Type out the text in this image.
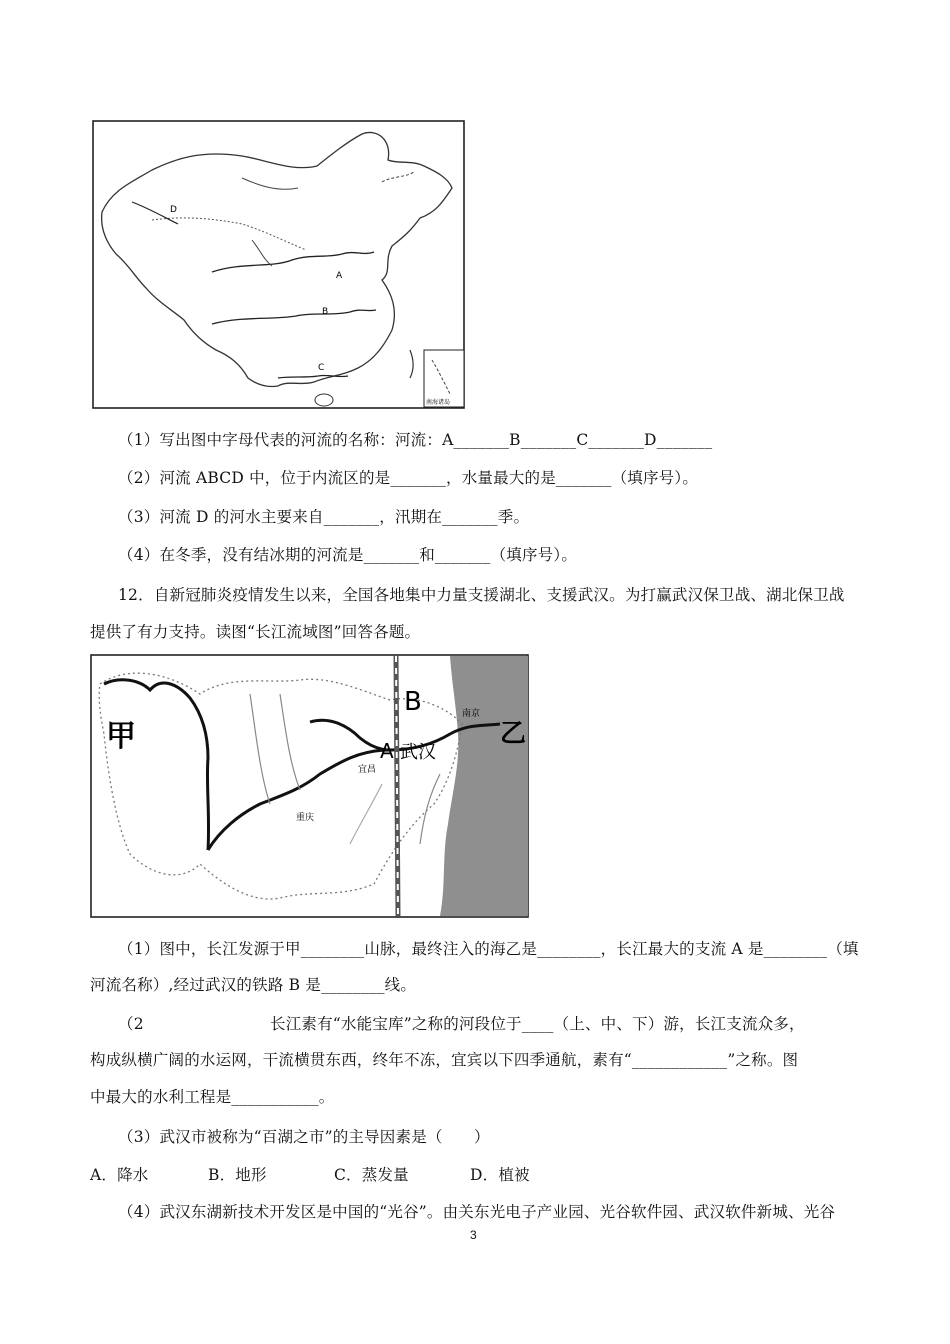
A
B
C
D
南海诸岛
（1）写出图中字母代表的河流的名称：河流：A_______B_______C_______D_______
（2）河流 ABCD 中，位于内流区的是_______，水量最大的是_______（填序号）。
（3）河流 D 的河水主要来自_______，汛期在_______季。
（4）在冬季，没有结冰期的河流是_______和_______（填序号）。
12．自新冠肺炎疫情发生以来，全国各地集中力量支援湖北、支援武汉。为打赢武汉保卫战、湖北保卫战
提供了有力支持。读图“长江流域图”回答各题。
甲	乙
B
A 武汉
南京
宜昌
重庆
（1）图中，长江发源于甲________山脉，最终注入的海乙是________，长江最大的支流 A 是________（填
河流名称）,经过武汉的铁路 B 是________线。
（2	长江素有“水能宝库”之称的河段位于____（上、中、下）游，长江支流众多，
构成纵横广阔的水运网，干流横贯东西，终年不冻，宜宾以下四季通航，素有“____________”之称。图
中最大的水利工程是___________。
（3）武汉市被称为“百湖之市”的主导因素是（　　）
A．降水	B．地形	C．蒸发量	D．植被
（4）武汉东湖新技术开发区是中国的“光谷”。由关东光电子产业园、光谷软件园、武汉软件新城、光谷
3
